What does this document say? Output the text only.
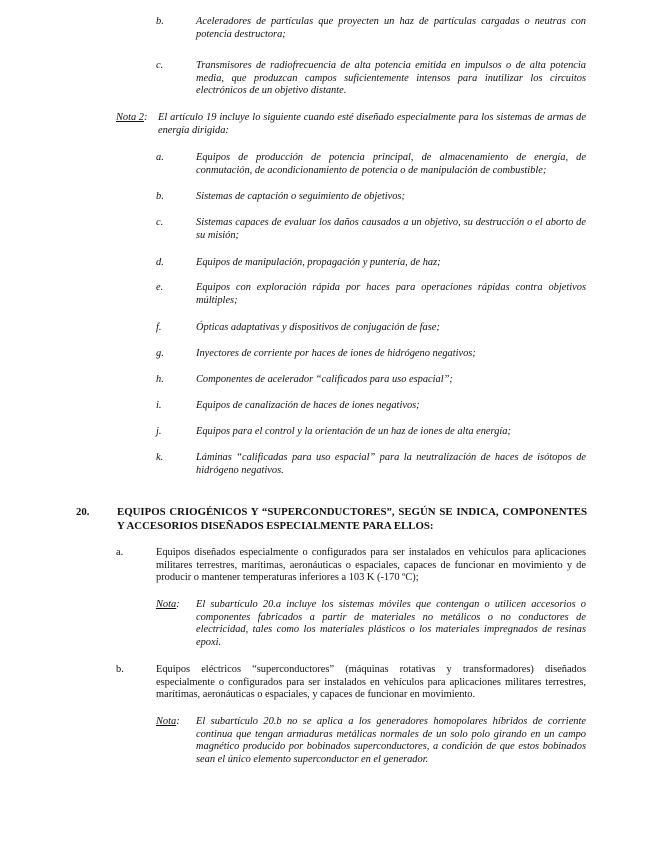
b.	Aceleradores de partículas que proyecten un haz de partículas cargadas o neutras con potencia destructora;
c.	Transmisores de radiofrecuencia de alta potencia emitida en impulsos o de alta potencia media, que produzcan campos suficientemente intensos para inutilizar los circuitos electrónicos de un objetivo distante.
Nota 2: El artículo 19 incluye lo siguiente cuando esté diseñado especialmente para los sistemas de armas de energía dirigida:
a.	Equipos de producción de potencia principal, de almacenamiento de energía, de conmutación, de acondicionamiento de potencia o de manipulación de combustible;
b.	Sistemas de captación o seguimiento de objetivos;
c.	Sistemas capaces de evaluar los daños causados a un objetivo, su destrucción o el aborto de su misión;
d.	Equipos de manipulación, propagación y puntería, de haz;
e.	Equipos con exploración rápida por haces para operaciones rápidas contra objetivos múltiples;
f.	Ópticas adaptativas y dispositivos de conjugación de fase;
g.	Inyectores de corriente por haces de iones de hidrógeno negativos;
h.	Componentes de acelerador “calificados para uso espacial”;
i.	Equipos de canalización de haces de iones negativos;
j.	Equipos para el control y la orientación de un haz de iones de alta energía;
k.	Láminas “calificadas para uso espacial” para la neutralización de haces de isótopos de hidrógeno negativos.
20.	EQUIPOS CRIOGÉNICOS Y “SUPERCONDUCTORES”, SEGÚN SE INDICA, COMPONENTES Y ACCESORIOS DISEÑADOS ESPECIALMENTE PARA ELLOS:
a.	Equipos diseñados especialmente o configurados para ser instalados en vehículos para aplicaciones militares terrestres, marítimas, aeronáuticas o espaciales, capaces de funcionar en movimiento y de producir o mantener temperaturas inferiores a 103 K (-170 ºC);
Nota: El subartículo 20.a incluye los sistemas móviles que contengan o utilicen accesorios o componentes fabricados a partir de materiales no metálicos o no conductores de electricidad, tales como los materiales plásticos o los materiales impregnados de resinas epoxi.
b.	Equipos eléctricos “superconductores” (máquinas rotativas y transformadores) diseñados especialmente o configurados para ser instalados en vehículos para aplicaciones militares terrestres, marítimas, aeronáuticas o espaciales, y capaces de funcionar en movimiento.
Nota: El subartículo 20.b no se aplica a los generadores homopolares híbridos de corriente continua que tengan armaduras metálicas normales de un solo polo girando en un campo magnético producido por bobinados superconductores, a condición de que estos bobinados sean el único elemento superconductor en el generador.
